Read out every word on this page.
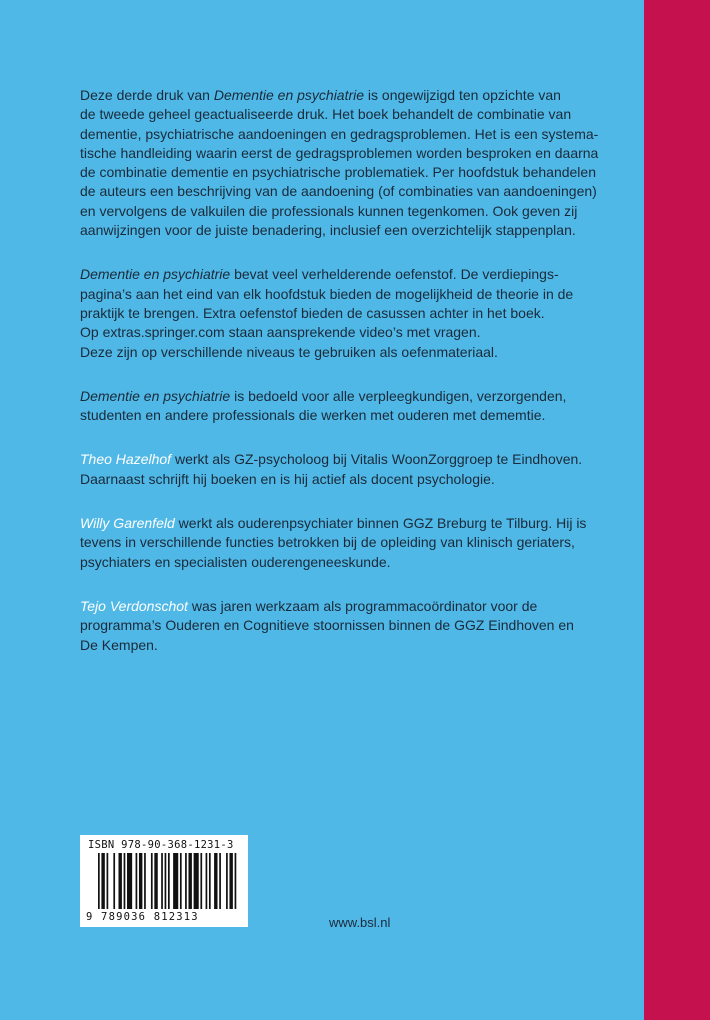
Deze derde druk van Dementie en psychiatrie is ongewijzigd ten opzichte van
de tweede geheel geactualiseerde druk. Het boek behandelt de combinatie van
dementie, psychiatrische aandoeningen en gedragsproblemen. Het is een systema-
tische handleiding waarin eerst de gedragsproblemen worden besproken en daarna
de combinatie dementie en psychiatrische problematiek. Per hoofdstuk behandelen
de auteurs een beschrijving van de aandoening (of combinaties van aandoeningen)
en vervolgens de valkuilen die professionals kunnen tegenkomen. Ook geven zij
aanwijzingen voor de juiste benadering, inclusief een overzichtelijk stappenplan.

Dementie en psychiatrie bevat veel verhelderende oefenstof. De verdiepings-
pagina’s aan het eind van elk hoofdstuk bieden de mogelijkheid de theorie in de
praktijk te brengen. Extra oefenstof bieden de casussen achter in het boek.
Op extras.springer.com staan aansprekende video’s met vragen.
Deze zijn op verschillende niveaus te gebruiken als oefenmateriaal.

Dementie en psychiatrie is bedoeld voor alle verpleegkundigen, verzorgenden,
studenten en andere professionals die werken met ouderen met dememtie.

Theo Hazelhof werkt als GZ-psycholoog bij Vitalis WoonZorggroep te Eindhoven.
Daarnaast schrijft hij boeken en is hij actief als docent psychologie.

Willy Garenfeld werkt als ouderenpsychiater binnen GGZ Breburg te Tilburg. Hij is
tevens in verschillende functies betrokken bij de opleiding van klinisch geriaters,
psychiaters en specialisten ouderengeneeskunde.

Tejo Verdonschot was jaren werkzaam als programmacoördinator voor de
programma’s Ouderen en Cognitieve stoornissen binnen de GGZ Eindhoven en
De Kempen.

ISBN 978-90-368-1231-3
9 789036 812313	www.bsl.nl
